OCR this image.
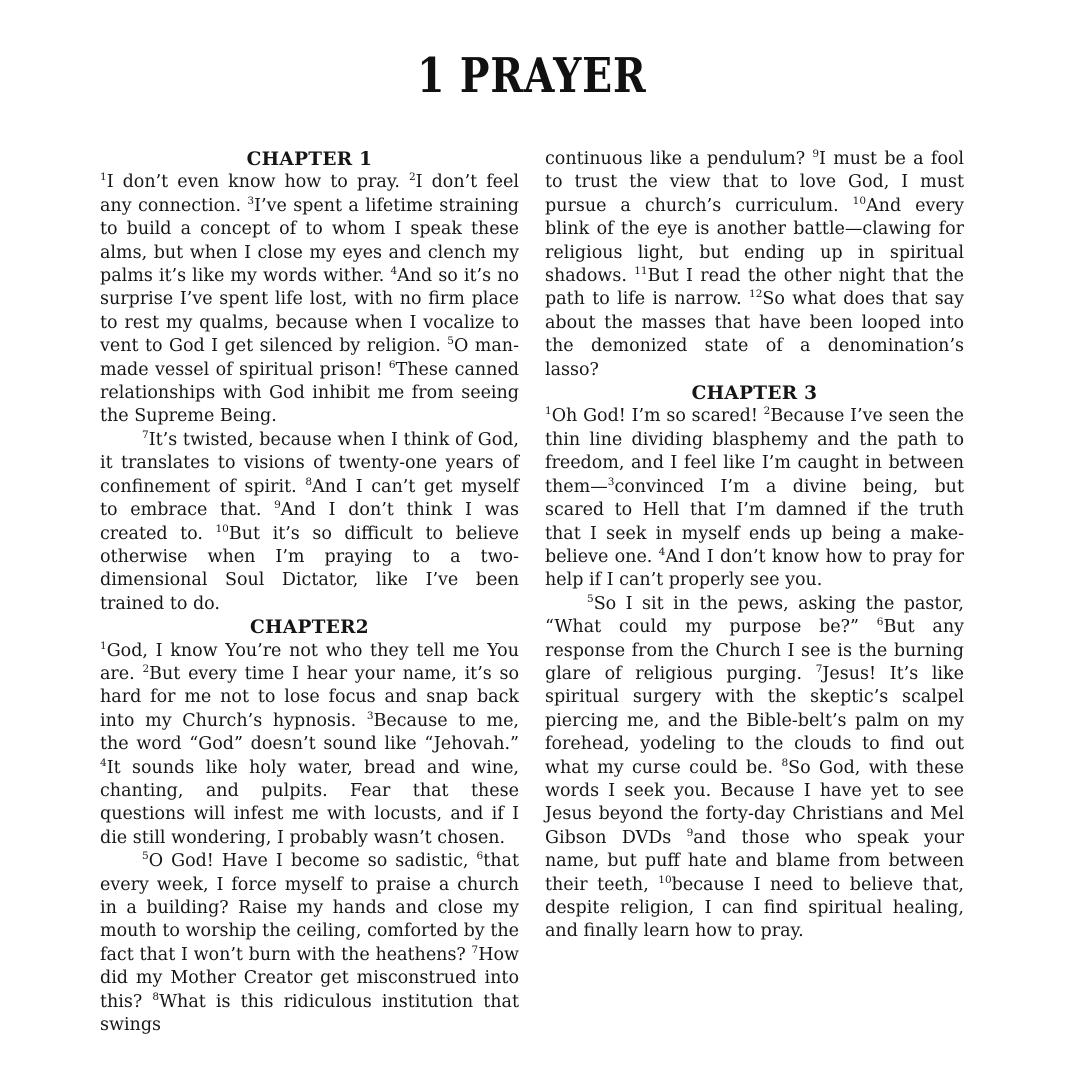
1 PRAYER
CHAPTER 1

$^1$I don’t even know how to pray. $^2$I don’t feel any connection. $^3$I’ve spent a lifetime straining to build a concept of to whom I speak these alms, but when I close my eyes and clench my palms it’s like my words wither. $^4$And so it’s no surprise I’ve spent life lost, with no firm place to rest my qualms, because when I vocalize to vent to God I get silenced by religion. $^5$O man-made vessel of spiritual prison! $^6$These canned relationships with God inhibit me from seeing the Supreme Being.

$^7$It’s twisted, because when I think of God, it translates to visions of twenty-one years of confinement of spirit. $^8$And I can’t get myself to embrace that. $^9$And I don’t think I was created to. $^{10}$But it’s so difficult to believe otherwise when I’m praying to a two-dimensional Soul Dictator, like I’ve been trained to do.

CHAPTER2

$^1$God, I know You’re not who they tell me You are. $^2$But every time I hear your name, it’s so hard for me not to lose focus and snap back into my Church’s hypnosis. $^3$Because to me, the word “God” doesn’t sound like “Jehovah.” $^4$It sounds like holy water, bread and wine, chanting, and pulpits. Fear that these questions will infest me with locusts, and if I die still wondering, I probably wasn’t chosen.

$^5$O God! Have I become so sadistic, $^6$that every week, I force myself to praise a church in a building? Raise my hands and close my mouth to worship the ceiling, comforted by the fact that I won’t burn with the heathens? $^7$How did my Mother Creator get misconstrued into this? $^8$What is this ridiculous institution that swings

continuous like a pendulum? $^9$I must be a fool to trust the view that to love God, I must pursue a church’s curriculum. $^{10}$And every blink of the eye is another battle—clawing for religious light, but ending up in spiritual shadows. $^{11}$But I read the other night that the path to life is narrow. $^{12}$So what does that say about the masses that have been looped into the demonized state of a denomination’s lasso?

CHAPTER 3

$^1$Oh God! I’m so scared! $^2$Because I’ve seen the thin line dividing blasphemy and the path to freedom, and I feel like I’m caught in between them—$^3$convinced I’m a divine being, but scared to Hell that I’m damned if the truth that I seek in myself ends up being a make-believe one. $^4$And I don’t know how to pray for help if I can’t properly see you.

$^5$So I sit in the pews, asking the pastor, “What could my purpose be?” $^6$But any response from the Church I see is the burning glare of religious purging. $^7$Jesus! It’s like spiritual surgery with the skeptic’s scalpel piercing me, and the Bible-belt’s palm on my forehead, yodeling to the clouds to find out what my curse could be. $^8$So God, with these words I seek you. Because I have yet to see Jesus beyond the forty-day Christians and Mel Gibson DVDs $^9$and those who speak your name, but puff hate and blame from between their teeth, $^{10}$because I need to believe that, despite religion, I can find spiritual healing, and finally learn how to pray.
